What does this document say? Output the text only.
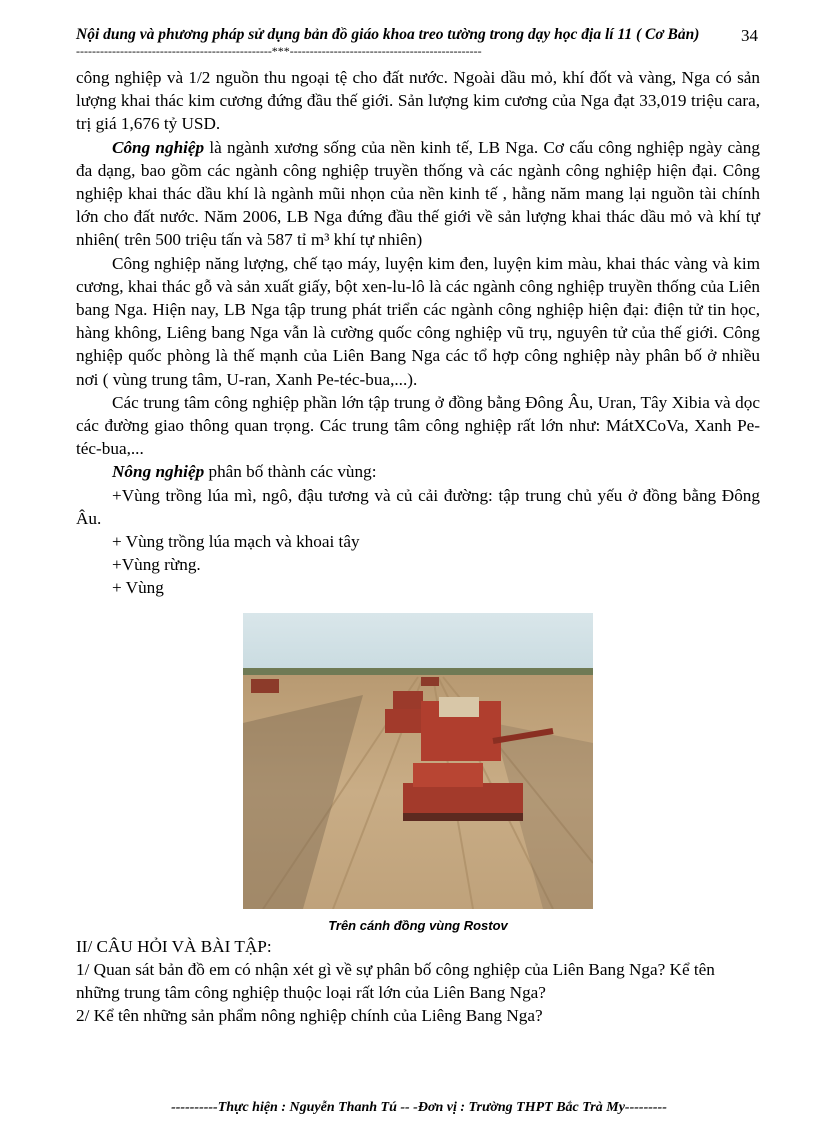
Nội dung và phương pháp sử dụng bản đồ giáo khoa treo tường trong dạy học địa lí 11 ( Cơ Bản)	34
-------------------------------------------------***------------------------------------------------

công nghiệp và 1/2 nguồn thu ngoại tệ cho đất nước. Ngoài dầu mỏ, khí đốt và vàng, Nga có sản lượng khai thác kim cương đứng đầu thế giới. Sản lượng kim cương của Nga đạt 33,019 triệu cara, trị giá 1,676 tỷ USD.

Công nghiệp là ngành xương sống của nền kinh tế, LB Nga. Cơ cấu công nghiệp ngày càng đa dạng, bao gồm các ngành công nghiệp truyền thống và các ngành công nghiệp hiện đại. Công nghiệp khai thác dầu khí là ngành mũi nhọn của nền kinh tế , hằng năm mang lại nguồn tài chính lớn cho đất nước. Năm 2006, LB Nga đứng đầu thế giới về sản lượng khai thác dầu mỏ và khí tự nhiên( trên 500 triệu tấn và 587 tỉ m³ khí tự nhiên)

Công nghiệp năng lượng, chế tạo máy, luyện kim đen, luyện kim màu, khai thác vàng và kim cương, khai thác gỗ và sản xuất giấy, bột xen-lu-lô là các ngành công nghiệp truyền thống của Liên bang Nga. Hiện nay, LB Nga tập trung phát triển các ngành công nghiệp hiện đại: điện tử tin học, hàng không, Liêng bang Nga vẫn là cường quốc công nghiệp vũ trụ, nguyên tử của thế giới. Công nghiệp quốc phòng là thế mạnh của Liên Bang Nga các tổ hợp công nghiệp này phân bố ở nhiều nơi ( vùng trung tâm, U-ran, Xanh Pe-téc-bua,...).

Các trung tâm công nghiệp phần lớn tập trung ở đồng bằng Đông Âu, Uran, Tây Xibia và dọc các đường giao thông quan trọng. Các trung tâm công nghiệp rất lớn như: MátXCoVa, Xanh Pe-téc-bua,...

Nông nghiệp phân bố thành các vùng:

+Vùng trồng lúa mì, ngô, đậu tương và củ cải đường: tập trung chủ yếu ở đồng bằng Đông Âu.

+ Vùng trồng lúa mạch và khoai tây

+Vùng rừng.

+ Vùng

Trên cánh đồng vùng Rostov

II/ CÂU HỎI VÀ BÀI TẬP:

1/ Quan sát bản đồ em có nhận xét gì về sự phân bố công nghiệp của Liên Bang Nga? Kể tên những trung tâm công nghiệp thuộc loại rất lớn của Liên Bang Nga?

2/ Kể tên những sản phẩm nông nghiệp chính của Liêng Bang Nga?

----------Thực hiện : Nguyễn Thanh Tú -- -Đơn vị : Trường THPT Bắc Trà My---------
